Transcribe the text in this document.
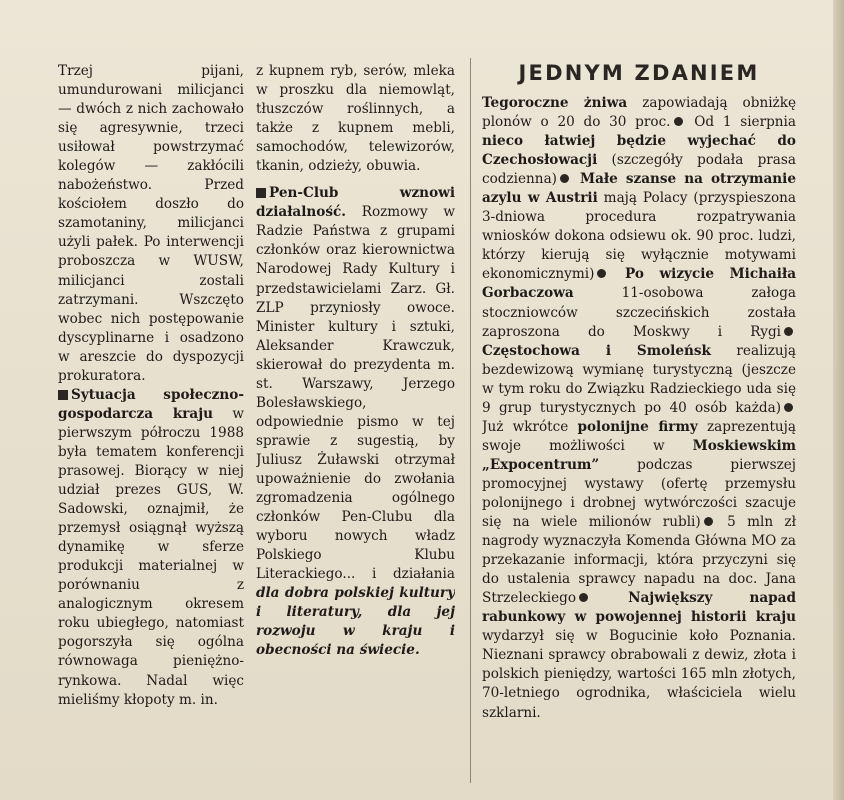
Trzej pijani, umundurowani milicjanci — dwóch z nich zachowało się agresywnie, trzeci usiłował powstrzymać kolegów — zakłócili nabożeństwo. Przed kościołem doszło do szamotaniny, milicjanci użyli pałek. Po interwencji proboszcza w WUSW, milicjanci zostali zatrzymani. Wszczęto wobec nich postępowanie dyscyplinarne i osadzono w areszcie do dyspozycji prokuratora.

Sytuacja społeczno-gospodarcza kraju w pierwszym półroczu 1988 była tematem konferencji prasowej. Biorący w niej udział prezes GUS, W. Sadowski, oznajmił, że przemysł osiągnął wyższą dynamikę w sferze produkcji materialnej w porównaniu z analogicznym okresem roku ubiegłego, natomiast pogorszyła się ogólna równowaga pieniężno-rynkowa. Nadal więc mieliśmy kłopoty m. in.

z kupnem ryb, serów, mleka w proszku dla niemowląt, tłuszczów roślinnych, a także z kupnem mebli, samochodów, telewizorów, tkanin, odzieży, obuwia.

Pen-Club wznowi działalność. Rozmowy w Radzie Państwa z grupami członków oraz kierownictwa Narodowej Rady Kultury i przedstawicielami Zarz. Gł. ZLP przyniosły owoce. Minister kultury i sztuki, Aleksander Krawczuk, skierował do prezydenta m. st. Warszawy, Jerzego Bolesławskiego, odpowiednie pismo w tej sprawie z sugestią, by Juliusz Żuławski otrzymał upoważnienie do zwołania zgromadzenia ogólnego członków Pen-Clubu dla wyboru nowych władz Polskiego Klubu Literackiego... i działania dla dobra polskiej kultury i literatury, dla jej rozwoju w kraju i obecności na świecie.

JEDNYM ZDANIEM

Tegoroczne żniwa zapowiadają obniżkę plonów o 20 do 30 proc. Od 1 sierpnia nieco łatwiej będzie wyjechać do Czechosłowacji (szczegóły podała prasa codzienna) Małe szanse na otrzymanie azylu w Austrii mają Polacy (przyspieszona 3-dniowa procedura rozpatrywania wniosków dokona odsiewu ok. 90 proc. ludzi, którzy kierują się wyłącznie motywami ekonomicznymi) Po wizycie Michaiła Gorbaczowa 11-osobowa załoga stoczniowców szczecińskich została zaproszona do Moskwy i Rygi Częstochowa i Smoleńsk realizują bezdewizową wymianę turystyczną (jeszcze w tym roku do Związku Radzieckiego uda się 9 grup turystycznych po 40 osób każda) Już wkrótce polonijne firmy zaprezentują swoje możliwości w Moskiewskim „Expocentrum” podczas pierwszej promocyjnej wystawy (ofertę przemysłu polonijnego i drobnej wytwórczości szacuje się na wiele milionów rubli) 5 mln zł nagrody wyznaczyła Komenda Główna MO za przekazanie informacji, która przyczyni się do ustalenia sprawcy napadu na doc. Jana Strzeleckiego Największy napad rabunkowy w powojennej historii kraju wydarzył się w Bogucinie koło Poznania. Nieznani sprawcy obrabowali z dewiz, złota i polskich pieniędzy, wartości 165 mln złotych, 70-letniego ogrodnika, właściciela wielu szklarni.
